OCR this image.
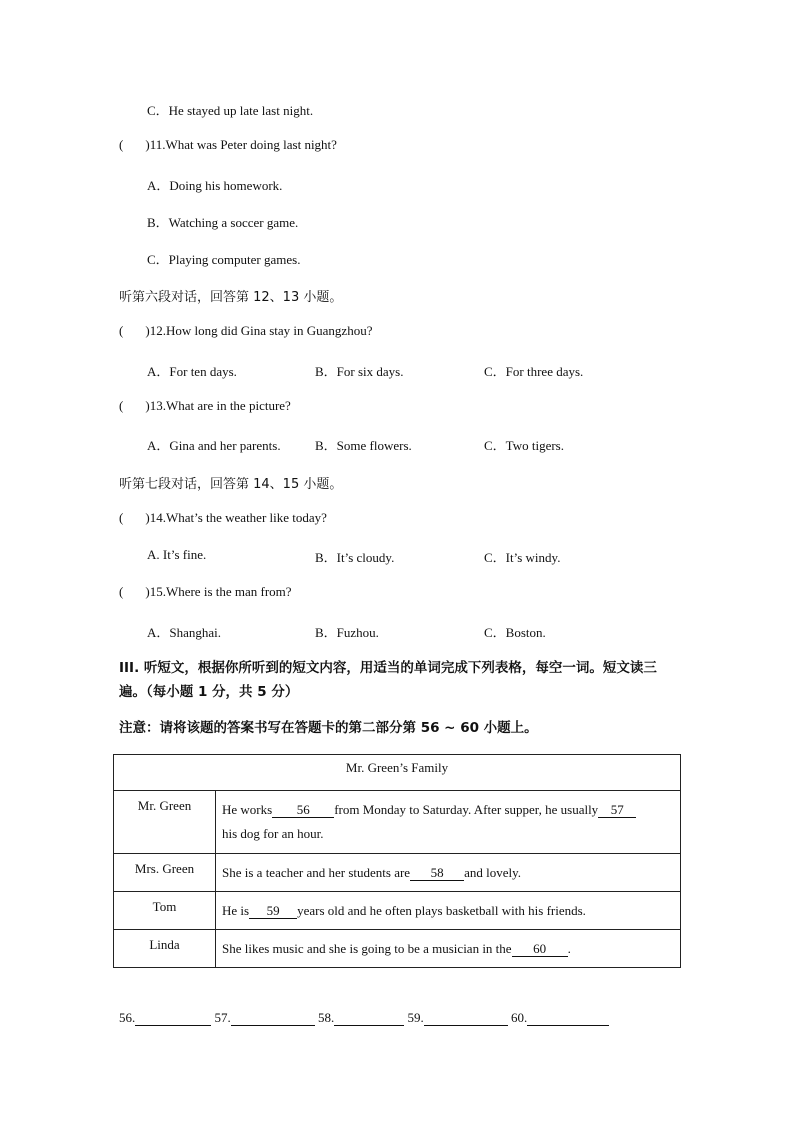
C．He stayed up late last night.
( )11.What was Peter doing last night?
A．Doing his homework.
B．Watching a soccer game.
C．Playing computer games.
听第六段对话，回答第 12、13 小题。
( )12.How long did Gina stay in Guangzhou?
A．For ten days.	B．For six days.	C．For three days.
( )13.What are in the picture?
A．Gina and her parents.	B．Some flowers.	C．Two tigers.
听第七段对话，回答第 14、15 小题。
( )14.What’s the weather like today?
A. It’s fine.	B．It’s cloudy.	C．It’s windy.
( )15.Where is the man from?
A．Shanghai.	B．Fuzhou.	C．Boston.
III. 听短文，根据你所听到的短文内容，用适当的单词完成下列表格，每空一词。短文读三
遍。（每小题 1 分，共 5 分）
注意：请将该题的答案书写在答题卡的第二部分第 56 ~ 60 小题上。
Mr. Green’s Family	
Mr. Green	He works 56 from Monday to Saturday. After supper, he usually 57
his dog for an hour.
Mrs. Green	She is a teacher and her students are 58 and lovely.
Tom	He is 59 years old and he often plays basketball with his friends.
Linda	She likes music and she is going to be a musician in the 60 .
56.	57.	58.	59.	60.
